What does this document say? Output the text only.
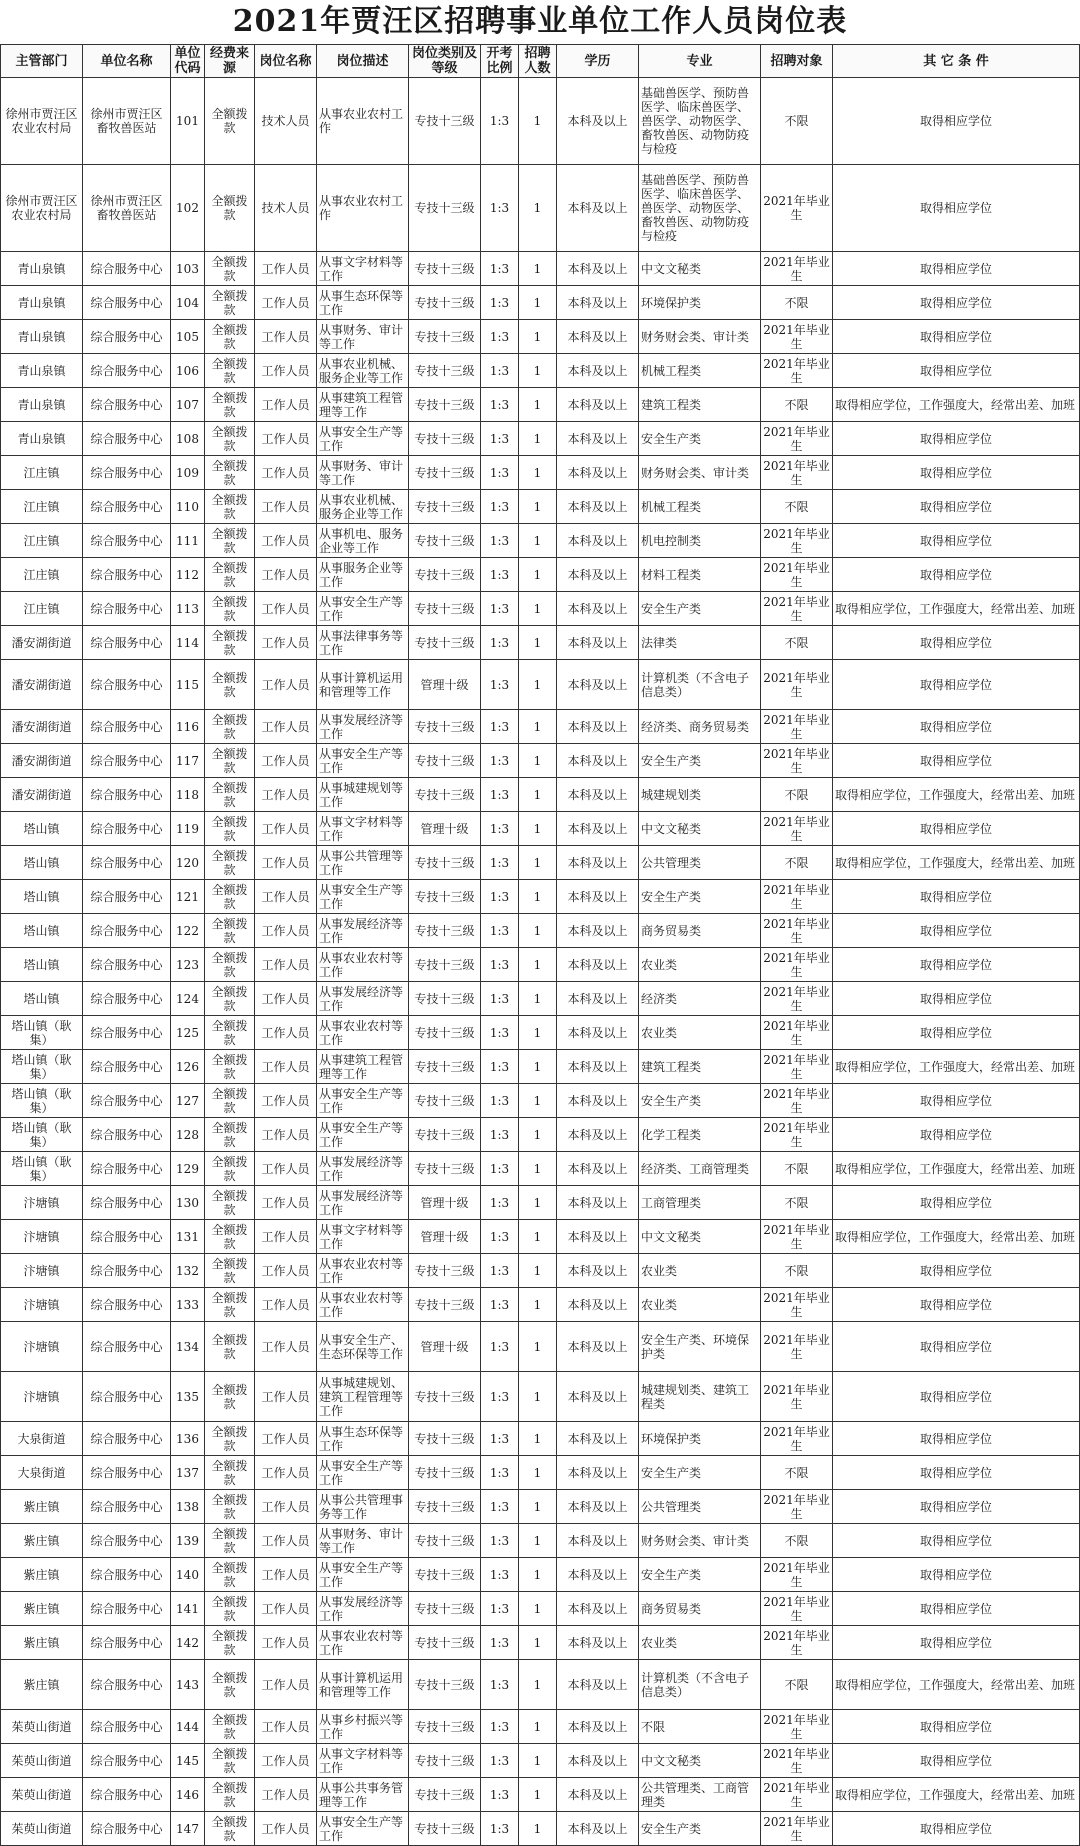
2021年贾汪区招聘事业单位工作人员岗位表
主管部门	单位名称	单位代码	经费来源	岗位名称	岗位描述	岗位类别及等级	开考比例	招聘人数	学历	专业	招聘对象	其 它 条 件
徐州市贾汪区农业农村局	徐州市贾汪区畜牧兽医站	101	全额拨款	技术人员	从事农业农村工作	专技十三级	1:3	1	本科及以上	基础兽医学、预防兽医学、临床兽医学、兽医学、动物医学、畜牧兽医、动物防疫与检疫	不限	取得相应学位
徐州市贾汪区农业农村局	徐州市贾汪区畜牧兽医站	102	全额拨款	技术人员	从事农业农村工作	专技十三级	1:3	1	本科及以上	基础兽医学、预防兽医学、临床兽医学、兽医学、动物医学、畜牧兽医、动物防疫与检疫	2021年毕业生	取得相应学位
青山泉镇	综合服务中心	103	全额拨款	工作人员	从事文字材料等工作	专技十三级	1:3	1	本科及以上	中文文秘类	2021年毕业生	取得相应学位
青山泉镇	综合服务中心	104	全额拨款	工作人员	从事生态环保等工作	专技十三级	1:3	1	本科及以上	环境保护类	不限	取得相应学位
青山泉镇	综合服务中心	105	全额拨款	工作人员	从事财务、审计等工作	专技十三级	1:3	1	本科及以上	财务财会类、审计类	2021年毕业生	取得相应学位
青山泉镇	综合服务中心	106	全额拨款	工作人员	从事农业机械、服务企业等工作	专技十三级	1:3	1	本科及以上	机械工程类	2021年毕业生	取得相应学位
青山泉镇	综合服务中心	107	全额拨款	工作人员	从事建筑工程管理等工作	专技十三级	1:3	1	本科及以上	建筑工程类	不限	取得相应学位，工作强度大，经常出差、加班
青山泉镇	综合服务中心	108	全额拨款	工作人员	从事安全生产等工作	专技十三级	1:3	1	本科及以上	安全生产类	2021年毕业生	取得相应学位
江庄镇	综合服务中心	109	全额拨款	工作人员	从事财务、审计等工作	专技十三级	1:3	1	本科及以上	财务财会类、审计类	2021年毕业生	取得相应学位
江庄镇	综合服务中心	110	全额拨款	工作人员	从事农业机械、服务企业等工作	专技十三级	1:3	1	本科及以上	机械工程类	不限	取得相应学位
江庄镇	综合服务中心	111	全额拨款	工作人员	从事机电、服务企业等工作	专技十三级	1:3	1	本科及以上	机电控制类	2021年毕业生	取得相应学位
江庄镇	综合服务中心	112	全额拨款	工作人员	从事服务企业等工作	专技十三级	1:3	1	本科及以上	材料工程类	2021年毕业生	取得相应学位
江庄镇	综合服务中心	113	全额拨款	工作人员	从事安全生产等工作	专技十三级	1:3	1	本科及以上	安全生产类	2021年毕业生	取得相应学位，工作强度大，经常出差、加班
潘安湖街道	综合服务中心	114	全额拨款	工作人员	从事法律事务等工作	专技十三级	1:3	1	本科及以上	法律类	不限	取得相应学位
潘安湖街道	综合服务中心	115	全额拨款	工作人员	从事计算机运用和管理等工作	管理十级	1:3	1	本科及以上	计算机类（不含电子信息类）	2021年毕业生	取得相应学位
潘安湖街道	综合服务中心	116	全额拨款	工作人员	从事发展经济等工作	专技十三级	1:3	1	本科及以上	经济类、商务贸易类	2021年毕业生	取得相应学位
潘安湖街道	综合服务中心	117	全额拨款	工作人员	从事安全生产等工作	专技十三级	1:3	1	本科及以上	安全生产类	2021年毕业生	取得相应学位
潘安湖街道	综合服务中心	118	全额拨款	工作人员	从事城建规划等工作	专技十三级	1:3	1	本科及以上	城建规划类	不限	取得相应学位，工作强度大，经常出差、加班
塔山镇	综合服务中心	119	全额拨款	工作人员	从事文字材料等工作	管理十级	1:3	1	本科及以上	中文文秘类	2021年毕业生	取得相应学位
塔山镇	综合服务中心	120	全额拨款	工作人员	从事公共管理等工作	专技十三级	1:3	1	本科及以上	公共管理类	不限	取得相应学位，工作强度大，经常出差、加班
塔山镇	综合服务中心	121	全额拨款	工作人员	从事安全生产等工作	专技十三级	1:3	1	本科及以上	安全生产类	2021年毕业生	取得相应学位
塔山镇	综合服务中心	122	全额拨款	工作人员	从事发展经济等工作	专技十三级	1:3	1	本科及以上	商务贸易类	2021年毕业生	取得相应学位
塔山镇	综合服务中心	123	全额拨款	工作人员	从事农业农村等工作	专技十三级	1:3	1	本科及以上	农业类	2021年毕业生	取得相应学位
塔山镇	综合服务中心	124	全额拨款	工作人员	从事发展经济等工作	专技十三级	1:3	1	本科及以上	经济类	2021年毕业生	取得相应学位
塔山镇（耿集）	综合服务中心	125	全额拨款	工作人员	从事农业农村等工作	专技十三级	1:3	1	本科及以上	农业类	2021年毕业生	取得相应学位
塔山镇（耿集）	综合服务中心	126	全额拨款	工作人员	从事建筑工程管理等工作	专技十三级	1:3	1	本科及以上	建筑工程类	2021年毕业生	取得相应学位，工作强度大，经常出差、加班
塔山镇（耿集）	综合服务中心	127	全额拨款	工作人员	从事安全生产等工作	专技十三级	1:3	1	本科及以上	安全生产类	2021年毕业生	取得相应学位
塔山镇（耿集）	综合服务中心	128	全额拨款	工作人员	从事安全生产等工作	专技十三级	1:3	1	本科及以上	化学工程类	2021年毕业生	取得相应学位
塔山镇（耿集）	综合服务中心	129	全额拨款	工作人员	从事发展经济等工作	专技十三级	1:3	1	本科及以上	经济类、工商管理类	不限	取得相应学位，工作强度大，经常出差、加班
汴塘镇	综合服务中心	130	全额拨款	工作人员	从事发展经济等工作	管理十级	1:3	1	本科及以上	工商管理类	不限	取得相应学位
汴塘镇	综合服务中心	131	全额拨款	工作人员	从事文字材料等工作	管理十级	1:3	1	本科及以上	中文文秘类	2021年毕业生	取得相应学位，工作强度大，经常出差、加班
汴塘镇	综合服务中心	132	全额拨款	工作人员	从事农业农村等工作	专技十三级	1:3	1	本科及以上	农业类	不限	取得相应学位
汴塘镇	综合服务中心	133	全额拨款	工作人员	从事农业农村等工作	专技十三级	1:3	1	本科及以上	农业类	2021年毕业生	取得相应学位
汴塘镇	综合服务中心	134	全额拨款	工作人员	从事安全生产、生态环保等工作	管理十级	1:3	1	本科及以上	安全生产类、环境保护类	2021年毕业生	取得相应学位
汴塘镇	综合服务中心	135	全额拨款	工作人员	从事城建规划、建筑工程管理等工作	专技十三级	1:3	1	本科及以上	城建规划类、建筑工程类	2021年毕业生	取得相应学位
大泉街道	综合服务中心	136	全额拨款	工作人员	从事生态环保等工作	专技十三级	1:3	1	本科及以上	环境保护类	2021年毕业生	取得相应学位
大泉街道	综合服务中心	137	全额拨款	工作人员	从事安全生产等工作	专技十三级	1:3	1	本科及以上	安全生产类	不限	取得相应学位
紫庄镇	综合服务中心	138	全额拨款	工作人员	从事公共管理事务等工作	专技十三级	1:3	1	本科及以上	公共管理类	2021年毕业生	取得相应学位
紫庄镇	综合服务中心	139	全额拨款	工作人员	从事财务、审计等工作	专技十三级	1:3	1	本科及以上	财务财会类、审计类	不限	取得相应学位
紫庄镇	综合服务中心	140	全额拨款	工作人员	从事安全生产等工作	专技十三级	1:3	1	本科及以上	安全生产类	2021年毕业生	取得相应学位
紫庄镇	综合服务中心	141	全额拨款	工作人员	从事发展经济等工作	专技十三级	1:3	1	本科及以上	商务贸易类	2021年毕业生	取得相应学位
紫庄镇	综合服务中心	142	全额拨款	工作人员	从事农业农村等工作	专技十三级	1:3	1	本科及以上	农业类	2021年毕业生	取得相应学位
紫庄镇	综合服务中心	143	全额拨款	工作人员	从事计算机运用和管理等工作	专技十三级	1:3	1	本科及以上	计算机类（不含电子信息类）	不限	取得相应学位，工作强度大，经常出差、加班
茱萸山街道	综合服务中心	144	全额拨款	工作人员	从事乡村振兴等工作	专技十三级	1:3	1	本科及以上	不限	2021年毕业生	取得相应学位
茱萸山街道	综合服务中心	145	全额拨款	工作人员	从事文字材料等工作	专技十三级	1:3	1	本科及以上	中文文秘类	2021年毕业生	取得相应学位
茱萸山街道	综合服务中心	146	全额拨款	工作人员	从事公共事务管理等工作	专技十三级	1:3	1	本科及以上	公共管理类、工商管理类	2021年毕业生	取得相应学位，工作强度大，经常出差、加班
茱萸山街道	综合服务中心	147	全额拨款	工作人员	从事安全生产等工作	专技十三级	1:3	1	本科及以上	安全生产类	2021年毕业生	取得相应学位
